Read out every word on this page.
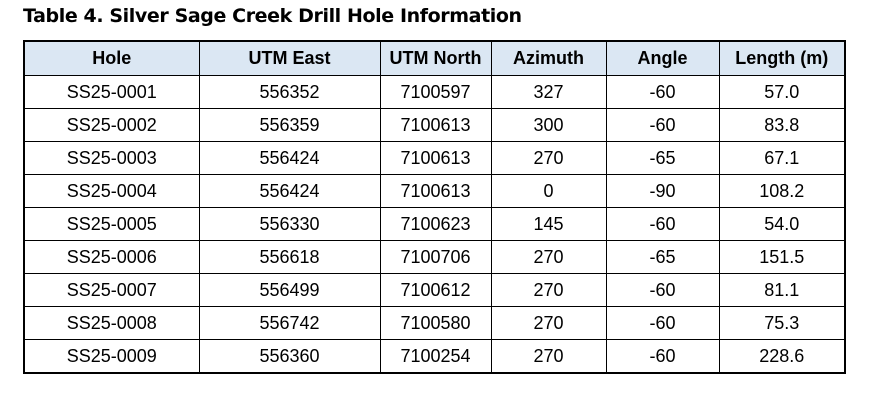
Table 4. Silver Sage Creek Drill Hole Information
Hole	UTM East	UTM North	Azimuth	Angle	Length (m)
SS25-0001	556352	7100597	327	-60	57.0
SS25-0002	556359	7100613	300	-60	83.8
SS25-0003	556424	7100613	270	-65	67.1
SS25-0004	556424	7100613	0	-90	108.2
SS25-0005	556330	7100623	145	-60	54.0
SS25-0006	556618	7100706	270	-65	151.5
SS25-0007	556499	7100612	270	-60	81.1
SS25-0008	556742	7100580	270	-60	75.3
SS25-0009	556360	7100254	270	-60	228.6
